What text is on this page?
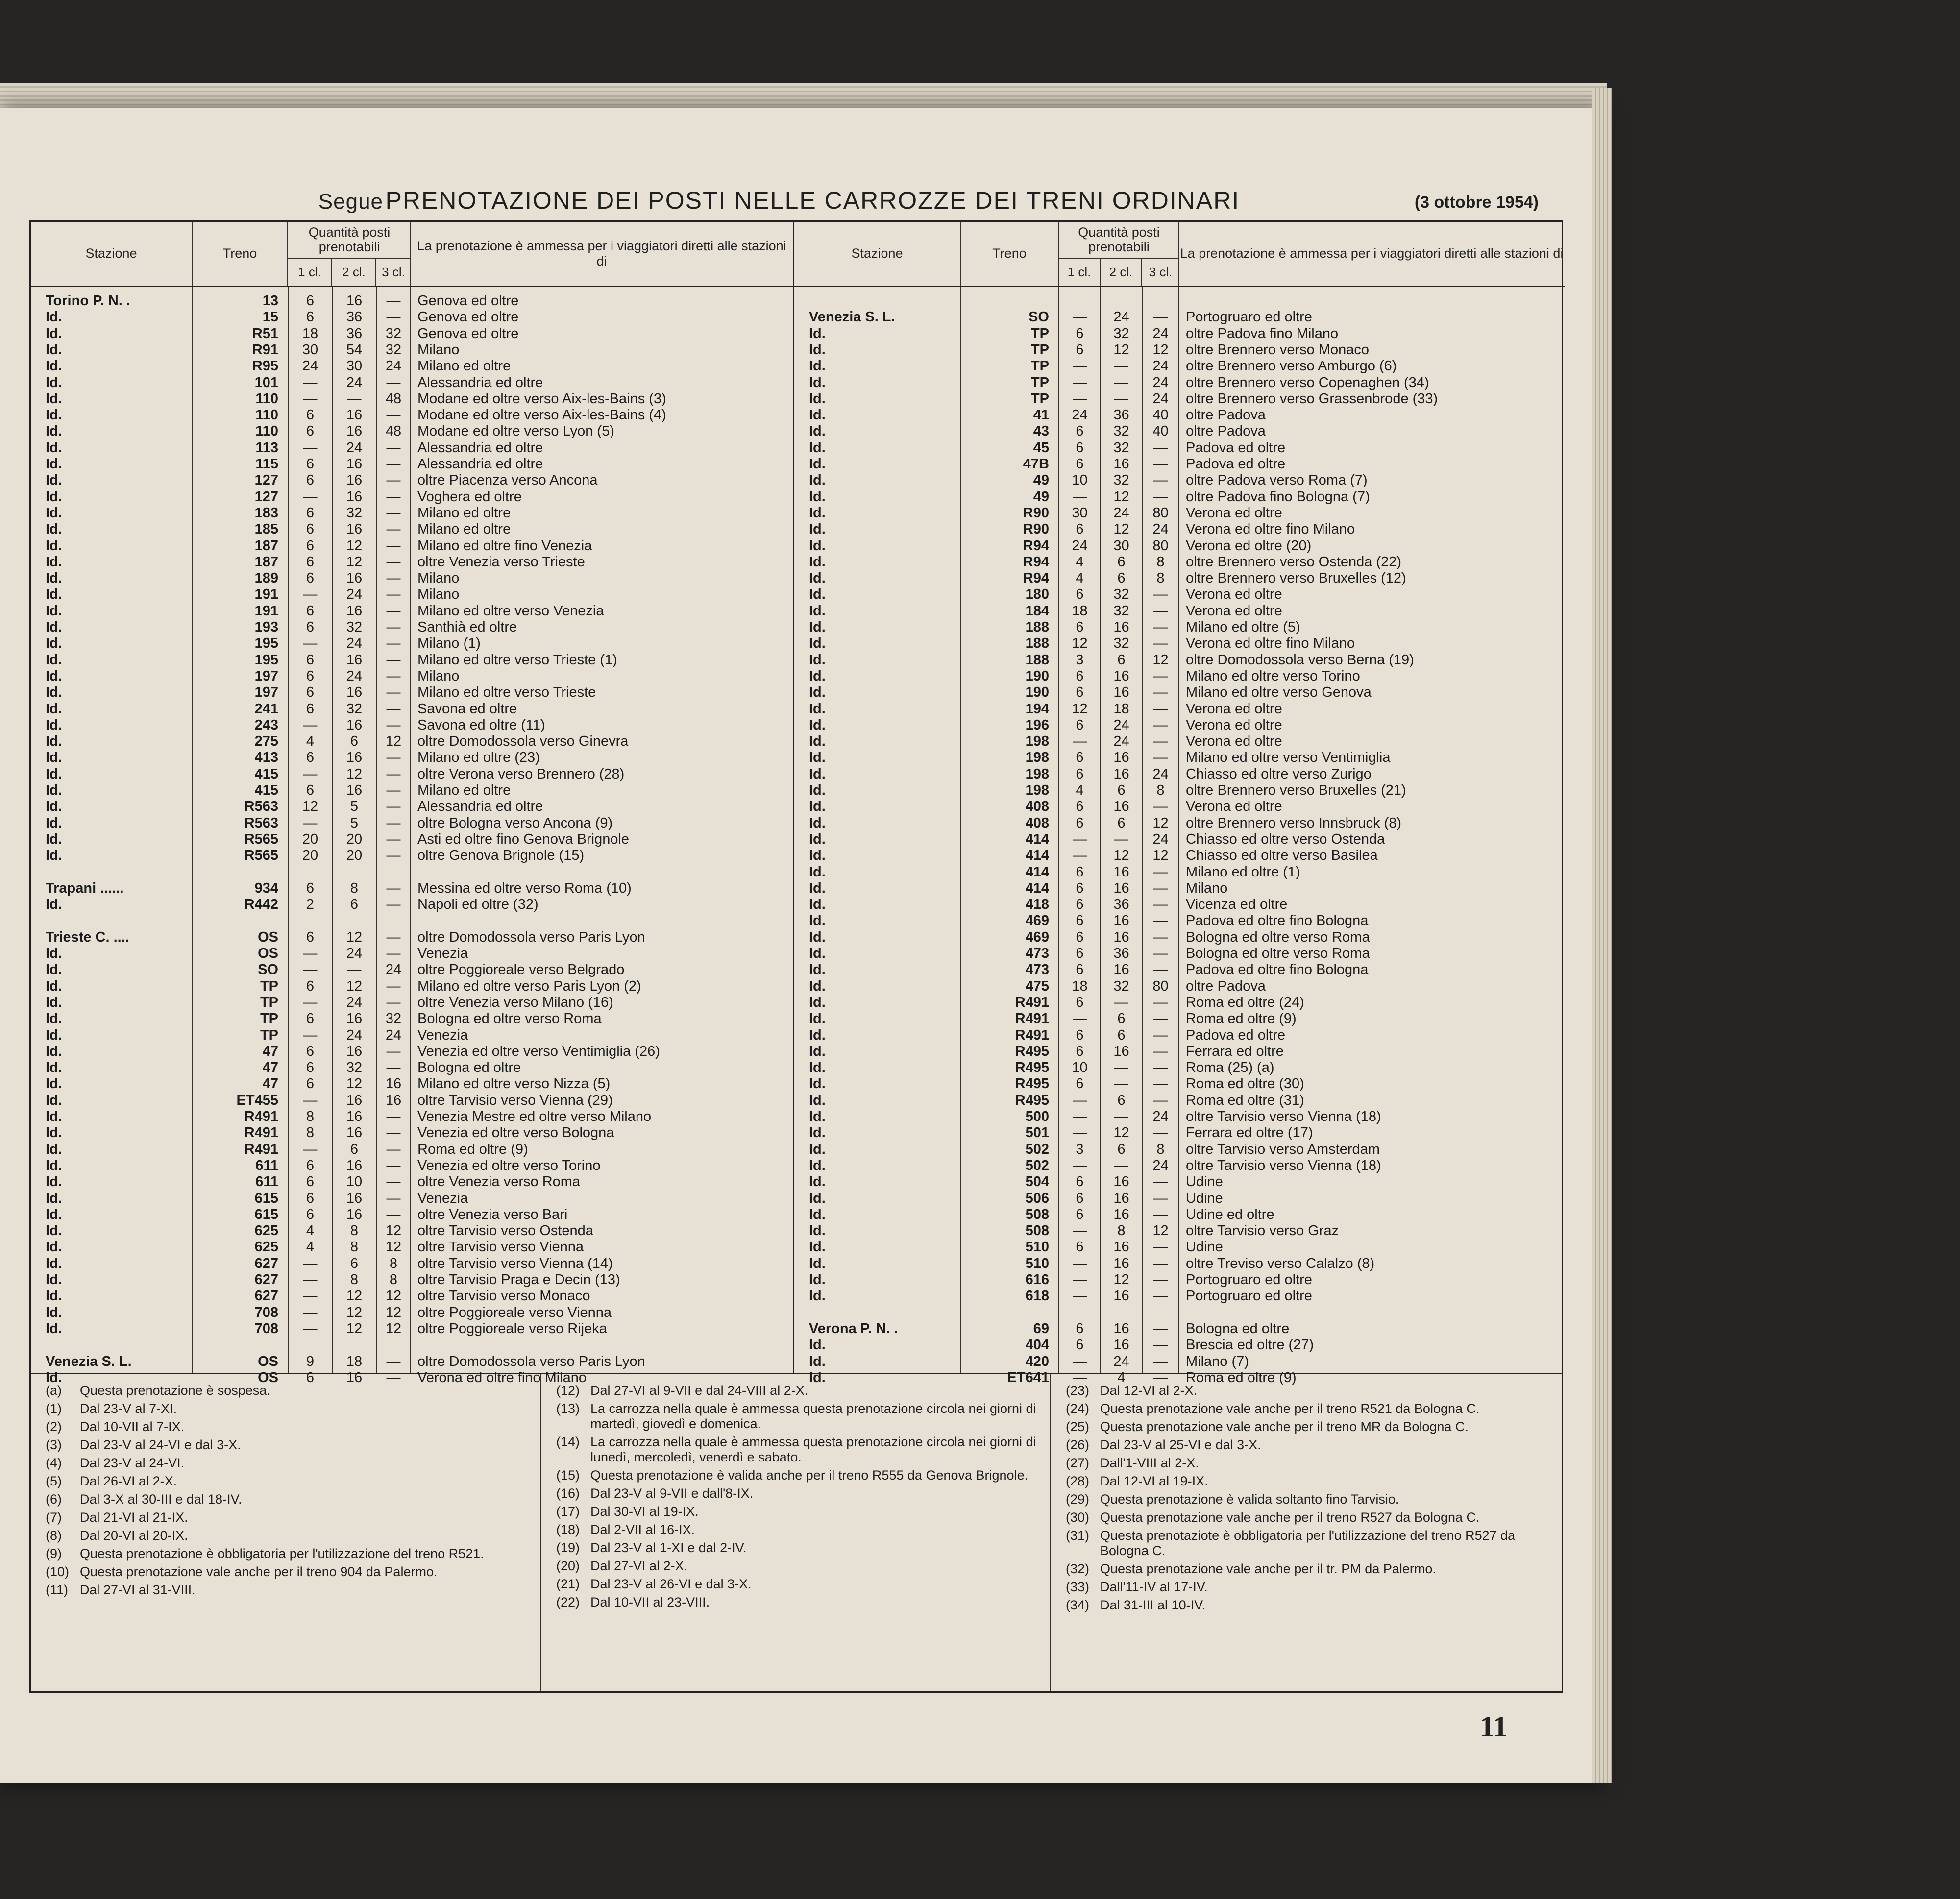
Segue PRENOTAZIONE DEI POSTI NELLE CARROZZE DEI TRENI ORDINARI	(3 ottobre 1954)
Stazione	Treno
Quantità posti prenotabili
1 cl.	2 cl.	3 cl.
La prenotazione è ammessa per i viaggiatori diretti alle stazioni di
Torino P. N. .	13	6	16	—	Genova ed oltre
Id.	15	6	36	—	Genova ed oltre
Id.	R51	18	36	32	Genova ed oltre
Id.	R91	30	54	32	Milano
Id.	R95	24	30	24	Milano ed oltre
Id.	101	—	24	—	Alessandria ed oltre
Id.	110	—	—	48	Modane ed oltre verso Aix-les-Bains (3)
Id.	110	6	16	—	Modane ed oltre verso Aix-les-Bains (4)
Id.	110	6	16	48	Modane ed oltre verso Lyon (5)
Id.	113	—	24	—	Alessandria ed oltre
Id.	115	6	16	—	Alessandria ed oltre
Id.	127	6	16	—	oltre Piacenza verso Ancona
Id.	127	—	16	—	Voghera ed oltre
Id.	183	6	32	—	Milano ed oltre
Id.	185	6	16	—	Milano ed oltre
Id.	187	6	12	—	Milano ed oltre fino Venezia
Id.	187	6	12	—	oltre Venezia verso Trieste
Id.	189	6	16	—	Milano
Id.	191	—	24	—	Milano
Id.	191	6	16	—	Milano ed oltre verso Venezia
Id.	193	6	32	—	Santhià ed oltre
Id.	195	—	24	—	Milano (1)
Id.	195	6	16	—	Milano ed oltre verso Trieste (1)
Id.	197	6	24	—	Milano
Id.	197	6	16	—	Milano ed oltre verso Trieste
Id.	241	6	32	—	Savona ed oltre
Id.	243	—	16	—	Savona ed oltre (11)
Id.	275	4	6	12	oltre Domodossola verso Ginevra
Id.	413	6	16	—	Milano ed oltre (23)
Id.	415	—	12	—	oltre Verona verso Brennero (28)
Id.	415	6	16	—	Milano ed oltre
Id.	R563	12	5	—	Alessandria ed oltre
Id.	R563	—	5	—	oltre Bologna verso Ancona (9)
Id.	R565	20	20	—	Asti ed oltre fino Genova Brignole
Id.	R565	20	20	—	oltre Genova Brignole (15)
Trapani ......	934	6	8	—	Messina ed oltre verso Roma (10)
Id.	R442	2	6	—	Napoli ed oltre (32)
Trieste C. ....	OS	6	12	—	oltre Domodossola verso Paris Lyon
Id.	OS	—	24	—	Venezia
Id.	SO	—	—	24	oltre Poggioreale verso Belgrado
Id.	TP	6	12	—	Milano ed oltre verso Paris Lyon (2)
Id.	TP	—	24	—	oltre Venezia verso Milano (16)
Id.	TP	6	16	32	Bologna ed oltre verso Roma
Id.	TP	—	24	24	Venezia
Id.	47	6	16	—	Venezia ed oltre verso Ventimiglia (26)
Id.	47	6	32	—	Bologna ed oltre
Id.	47	6	12	16	Milano ed oltre verso Nizza (5)
Id.	ET455	—	16	16	oltre Tarvisio verso Vienna (29)
Id.	R491	8	16	—	Venezia Mestre ed oltre verso Milano
Id.	R491	8	16	—	Venezia ed oltre verso Bologna
Id.	R491	—	6	—	Roma ed oltre (9)
Id.	611	6	16	—	Venezia ed oltre verso Torino
Id.	611	6	10	—	oltre Venezia verso Roma
Id.	615	6	16	—	Venezia
Id.	615	6	16	—	oltre Venezia verso Bari
Id.	625	4	8	12	oltre Tarvisio verso Ostenda
Id.	625	4	8	12	oltre Tarvisio verso Vienna
Id.	627	—	6	8	oltre Tarvisio verso Vienna (14)
Id.	627	—	8	8	oltre Tarvisio Praga e Decin (13)
Id.	627	—	12	12	oltre Tarvisio verso Monaco
Id.	708	—	12	12	oltre Poggioreale verso Vienna
Id.	708	—	12	12	oltre Poggioreale verso Rijeka
Venezia S. L.	OS	9	18	—	oltre Domodossola verso Paris Lyon
Id.	OS	6	16	—	Verona ed oltre fino Milano
Stazione	Treno
Quantità posti prenotabili
1 cl.	2 cl.	3 cl.
La prenotazione è ammessa per i viaggiatori diretti alle stazioni di
Venezia S. L.	SO	—	24	—	Portogruaro ed oltre
Id.	TP	6	32	24	oltre Padova fino Milano
Id.	TP	6	12	12	oltre Brennero verso Monaco
Id.	TP	—	—	24	oltre Brennero verso Amburgo (6)
Id.	TP	—	—	24	oltre Brennero verso Copenaghen (34)
Id.	TP	—	—	24	oltre Brennero verso Grassenbrode (33)
Id.	41	24	36	40	oltre Padova
Id.	43	6	32	40	oltre Padova
Id.	45	6	32	—	Padova ed oltre
Id.	47B	6	16	—	Padova ed oltre
Id.	49	10	32	—	oltre Padova verso Roma (7)
Id.	49	—	12	—	oltre Padova fino Bologna (7)
Id.	R90	30	24	80	Verona ed oltre
Id.	R90	6	12	24	Verona ed oltre fino Milano
Id.	R94	24	30	80	Verona ed oltre (20)
Id.	R94	4	6	8	oltre Brennero verso Ostenda (22)
Id.	R94	4	6	8	oltre Brennero verso Bruxelles (12)
Id.	180	6	32	—	Verona ed oltre
Id.	184	18	32	—	Verona ed oltre
Id.	188	6	16	—	Milano ed oltre (5)
Id.	188	12	32	—	Verona ed oltre fino Milano
Id.	188	3	6	12	oltre Domodossola verso Berna (19)
Id.	190	6	16	—	Milano ed oltre verso Torino
Id.	190	6	16	—	Milano ed oltre verso Genova
Id.	194	12	18	—	Verona ed oltre
Id.	196	6	24	—	Verona ed oltre
Id.	198	—	24	—	Verona ed oltre
Id.	198	6	16	—	Milano ed oltre verso Ventimiglia
Id.	198	6	16	24	Chiasso ed oltre verso Zurigo
Id.	198	4	6	8	oltre Brennero verso Bruxelles (21)
Id.	408	6	16	—	Verona ed oltre
Id.	408	6	6	12	oltre Brennero verso Innsbruck (8)
Id.	414	—	—	24	Chiasso ed oltre verso Ostenda
Id.	414	—	12	12	Chiasso ed oltre verso Basilea
Id.	414	6	16	—	Milano ed oltre (1)
Id.	414	6	16	—	Milano
Id.	418	6	36	—	Vicenza ed oltre
Id.	469	6	16	—	Padova ed oltre fino Bologna
Id.	469	6	16	—	Bologna ed oltre verso Roma
Id.	473	6	36	—	Bologna ed oltre verso Roma
Id.	473	6	16	—	Padova ed oltre fino Bologna
Id.	475	18	32	80	oltre Padova
Id.	R491	6	—	—	Roma ed oltre (24)
Id.	R491	—	6	—	Roma ed oltre (9)
Id.	R491	6	6	—	Padova ed oltre
Id.	R495	6	16	—	Ferrara ed oltre
Id.	R495	10	—	—	Roma (25) (a)
Id.	R495	6	—	—	Roma ed oltre (30)
Id.	R495	—	6	—	Roma ed oltre (31)
Id.	500	—	—	24	oltre Tarvisio verso Vienna (18)
Id.	501	—	12	—	Ferrara ed oltre (17)
Id.	502	3	6	8	oltre Tarvisio verso Amsterdam
Id.	502	—	—	24	oltre Tarvisio verso Vienna (18)
Id.	504	6	16	—	Udine
Id.	506	6	16	—	Udine
Id.	508	6	16	—	Udine ed oltre
Id.	508	—	8	12	oltre Tarvisio verso Graz
Id.	510	6	16	—	Udine
Id.	510	—	16	—	oltre Treviso verso Calalzo (8)
Id.	616	—	12	—	Portogruaro ed oltre
Id.	618	—	16	—	Portogruaro ed oltre
Verona P. N. .	69	6	16	—	Bologna ed oltre
Id.	404	6	16	—	Brescia ed oltre (27)
Id.	420	—	24	—	Milano (7)
Id.	ET641	—	4	—	Roma ed oltre (9)
(a)	Questa prenotazione è sospesa.
(1)	Dal 23-V al 7-XI.
(2)	Dal 10-VII al 7-IX.
(3)	Dal 23-V al 24-VI e dal 3-X.
(4)	Dal 23-V al 24-VI.
(5)	Dal 26-VI al 2-X.
(6)	Dal 3-X al 30-III e dal 18-IV.
(7)	Dal 21-VI al 21-IX.
(8)	Dal 20-VI al 20-IX.
(9)	Questa prenotazione è obbligatoria per l'utilizzazione del treno R521.
(10) Questa prenotazione vale anche per il treno 904 da Palermo.
(11) Dal 27-VI al 31-VIII.
(12) Dal 27-VI al 9-VII e dal 24-VIII al 2-X.
(13) La carrozza nella quale è ammessa questa prenotazione circola nei giorni di martedì, giovedì e domenica.
(14) La carrozza nella quale è ammessa questa prenotazione circola nei giorni di lunedì, mercoledì, venerdì e sabato.
(15) Questa prenotazione è valida anche per il treno R555 da Genova Brignole.
(16) Dal 23-V al 9-VII e dall'8-IX.
(17) Dal 30-VI al 19-IX.
(18) Dal 2-VII al 16-IX.
(19) Dal 23-V al 1-XI e dal 2-IV.
(20) Dal 27-VI al 2-X.
(21) Dal 23-V al 26-VI e dal 3-X.
(22) Dal 10-VII al 23-VIII.
(23) Dal 12-VI al 2-X.
(24) Questa prenotazione vale anche per il treno R521 da Bologna C.
(25) Questa prenotazione vale anche per il treno MR da Bologna C.
(26) Dal 23-V al 25-VI e dal 3-X.
(27) Dall'1-VIII al 2-X.
(28) Dal 12-VI al 19-IX.
(29) Questa prenotazione è valida soltanto fino Tarvisio.
(30) Questa prenotazione vale anche per il treno R527 da Bologna C.
(31) Questa prenotaziote è obbligatoria per l'utilizzazione del treno R527 da Bologna C.
(32) Questa prenotazione vale anche per il tr. PM da Palermo.
(33) Dall'11-IV al 17-IV.
(34) Dal 31-III al 10-IV.
11
